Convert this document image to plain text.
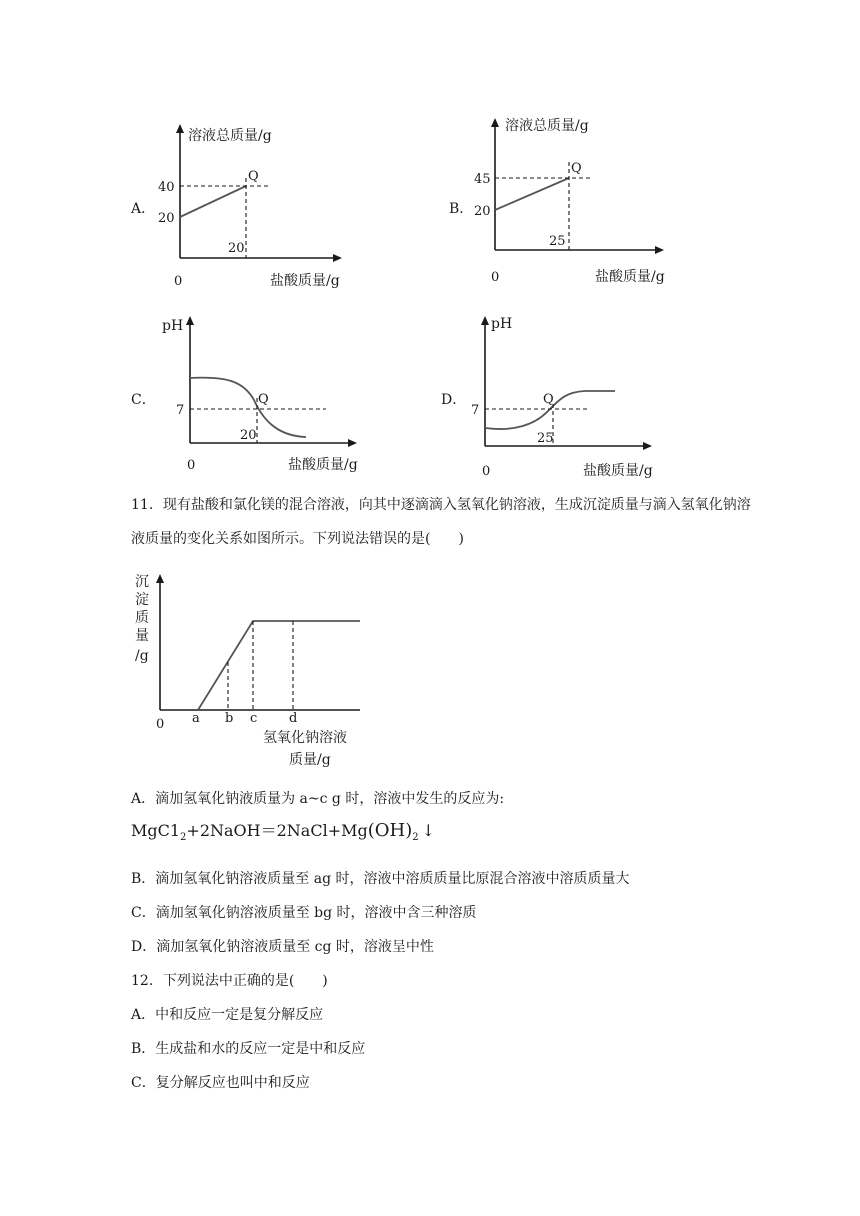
A．
溶液总质量/g
40
20
Q
20
0	盐酸质量/g
B．
溶液总质量/g
45
20
Q
25
0	盐酸质量/g
C．
pH
7
Q
20
0	盐酸质量/g
D．
pH
7
Q
25
0	盐酸质量/g
11．现有盐酸和氯化镁的混合溶液，向其中逐滴滴入氢氧化钠溶液，生成沉淀质量与滴入氢氧化钠溶液质量的变化关系如图所示。下列说法错误的是(　　)
沉
淀
质
量
/g
0 a b c d
氢氧化钠溶液
质量/g
A．滴加氢氧化钠液质量为 a~c g 时，溶液中发生的反应为:
$MgC1_2+2NaOH=2NaCl+Mg(OH)_2$ ↓
B．滴加氢氧化钠溶液质量至 ag 时，溶液中溶质质量比原混合溶液中溶质质量大
C．滴加氢氧化钠溶液质量至 bg 时，溶液中含三种溶质
D．滴加氢氧化钠溶液质量至 cg 时，溶液呈中性
12．下列说法中正确的是(　　)
A．中和反应一定是复分解反应
B．生成盐和水的反应一定是中和反应
C．复分解反应也叫中和反应
